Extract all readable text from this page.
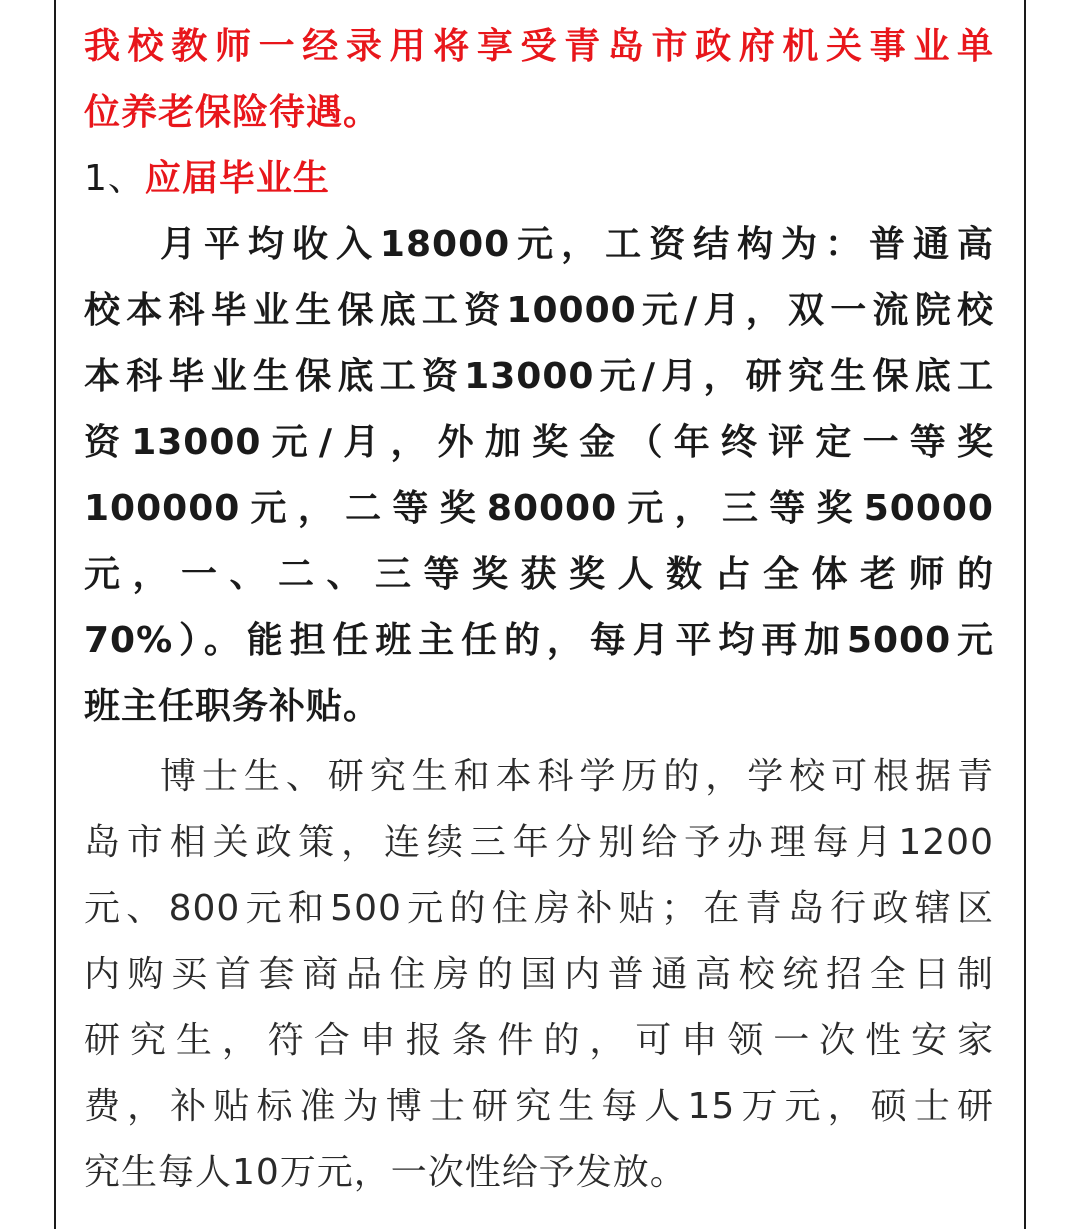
我校教师一经录用将享受青岛市政府机关事业单
位养老保险待遇。
1、应届毕业生
月平均收入18000元，工资结构为：普通高
校本科毕业生保底工资10000元/月，双一流院校
本科毕业生保底工资13000元/月，研究生保底工
资13000元/月，外加奖金（年终评定一等奖
100000元，二等奖80000元，三等奖50000
元，一、二、三等奖获奖人数占全体老师的
70%）。能担任班主任的，每月平均再加5000元
班主任职务补贴。
博士生、研究生和本科学历的，学校可根据青
岛市相关政策，连续三年分别给予办理每月1200
元、800元和500元的住房补贴；在青岛行政辖区
内购买首套商品住房的国内普通高校统招全日制
研究生，符合申报条件的，可申领一次性安家
费，补贴标准为博士研究生每人15万元，硕士研
究生每人10万元，一次性给予发放。
